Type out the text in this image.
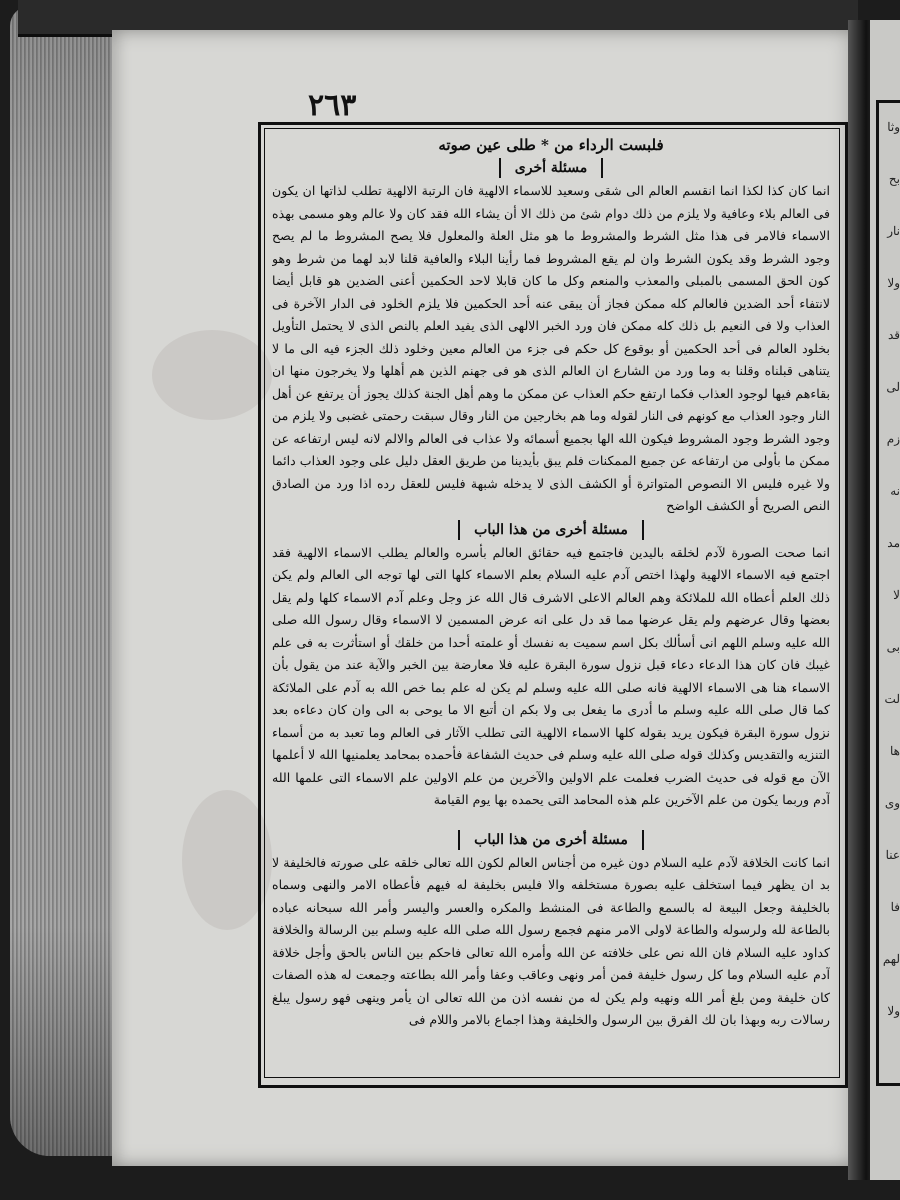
وثا
بح
نار
ولا
قد
لى
زم
نه
مد
لا
بى
لت
ها
وى
عنا
فا
لهم
ولا
٢٦٣
فلبست الرداء من * طلى عين صوته
مسئلة أخرى

انما كان كذا لكذا انما انقسم العالم الى شقى وسعيد للاسماء الالهية فان الرتبة الالهية تطلب لذاتها ان يكون فى العالم بلاء وعافية ولا يلزم من ذلك دوام شئ من ذلك الا أن يشاء الله فقد كان ولا عالم وهو مسمى بهذه الاسماء فالامر فى هذا مثل الشرط والمشروط ما هو مثل العلة والمعلول فلا يصح المشروط ما لم يصح وجود الشرط وقد يكون الشرط وان لم يقع المشروط فما رأينا البلاء والعافية قلنا لابد لهما من شرط وهو كون الحق المسمى بالمبلى والمعذب والمنعم وكل ما كان قابلا لاحد الحكمين أعنى الضدين هو قابل أيضا لانتفاء أحد الضدين فالعالم كله ممكن فجاز أن يبقى عنه أحد الحكمين فلا يلزم الخلود فى الدار الآخرة فى العذاب ولا فى النعيم بل ذلك كله ممكن فان ورد الخبر الالهى الذى يفيد العلم بالنص الذى لا يحتمل التأويل بخلود العالم فى أحد الحكمين أو بوقوع كل حكم فى جزء من العالم معين وخلود ذلك الجزء فيه الى ما لا يتناهى قبلناه وقلنا به وما ورد من الشارع ان العالم الذى هو فى جهنم الذين هم أهلها ولا يخرجون منها ان بقاءهم فيها لوجود العذاب فكما ارتفع حكم العذاب عن ممكن ما وهم أهل الجنة كذلك يجوز أن يرتفع عن أهل النار وجود العذاب مع كونهم فى النار لقوله وما هم بخارجين من النار وقال سبقت رحمتى غضبى ولا يلزم من وجود الشرط وجود المشروط فيكون الله الها بجميع أسمائه ولا عذاب فى العالم والالم لانه ليس ارتفاعه عن ممكن ما بأولى من ارتفاعه عن جميع الممكنات فلم يبق بأيدينا من طريق العقل دليل على وجود العذاب دائما ولا غيره فليس الا النصوص المتواترة أو الكشف الذى لا يدخله شبهة فليس للعقل رده اذا ورد من الصادق النص الصريح أو الكشف الواضح

مسئلة أخرى من هذا الباب

انما صحت الصورة لآدم لخلقه باليدين فاجتمع فيه حقائق العالم بأسره والعالم يطلب الاسماء الالهية فقد اجتمع فيه الاسماء الالهية ولهذا اختص آدم عليه السلام بعلم الاسماء كلها التى لها توجه الى العالم ولم يكن ذلك العلم أعطاه الله للملائكة وهم العالم الاعلى الاشرف قال الله عز وجل وعلم آدم الاسماء كلها ولم يقل بعضها وقال عرضهم ولم يقل عرضها مما قد دل على انه عرض المسمين لا الاسماء وقال رسول الله صلى الله عليه وسلم اللهم انى أسألك بكل اسم سميت به نفسك أو علمته أحدا من خلقك أو استأثرت به فى علم غيبك فان كان هذا الدعاء دعاء قبل نزول سورة البقرة عليه فلا معارضة بين الخبر والآية عند من يقول بأن الاسماء هنا هى الاسماء الالهية فانه صلى الله عليه وسلم لم يكن له علم بما خص الله به آدم على الملائكة كما قال صلى الله عليه وسلم ما أدرى ما يفعل بى ولا بكم ان أتبع الا ما يوحى به الى وان كان دعاءه بعد نزول سورة البقرة فيكون يريد بقوله كلها الاسماء الالهية التى تطلب الآثار فى العالم وما تعبد به من أسماء التنزيه والتقديس وكذلك قوله صلى الله عليه وسلم فى حديث الشفاعة فأحمده بمحامد يعلمنيها الله لا أعلمها الآن مع قوله فى حديث الضرب فعلمت علم الاولين والآخرين من علم الاولين علم الاسماء التى علمها الله آدم وربما يكون من علم الآخرين علم هذه المحامد التى يحمده بها يوم القيامة

مسئلة أخرى من هذا الباب

انما كانت الخلافة لآدم عليه السلام دون غيره من أجناس العالم لكون الله تعالى خلقه على صورته فالخليفة لا بد ان يظهر فيما استخلف عليه بصورة مستخلفه والا فليس بخليفة له فيهم فأعطاه الامر والنهى وسماه بالخليفة وجعل البيعة له بالسمع والطاعة فى المنشط والمكره والعسر واليسر وأمر الله سبحانه عباده بالطاعة لله ولرسوله والطاعة لاولى الامر منهم فجمع رسول الله صلى الله عليه وسلم بين الرسالة والخلافة كداود عليه السلام فان الله نص على خلافته عن الله وأمره الله تعالى فاحكم بين الناس بالحق وأجل خلافة آدم عليه السلام وما كل رسول خليفة فمن أمر ونهى وعاقب وعفا وأمر الله بطاعته وجمعت له هذه الصفات كان خليفة ومن بلغ أمر الله ونهيه ولم يكن له من نفسه اذن من الله تعالى ان يأمر وينهى فهو رسول يبلغ رسالات ربه وبهذا بان لك الفرق بين الرسول والخليفة وهذا اجماع بالامر واللام فى
